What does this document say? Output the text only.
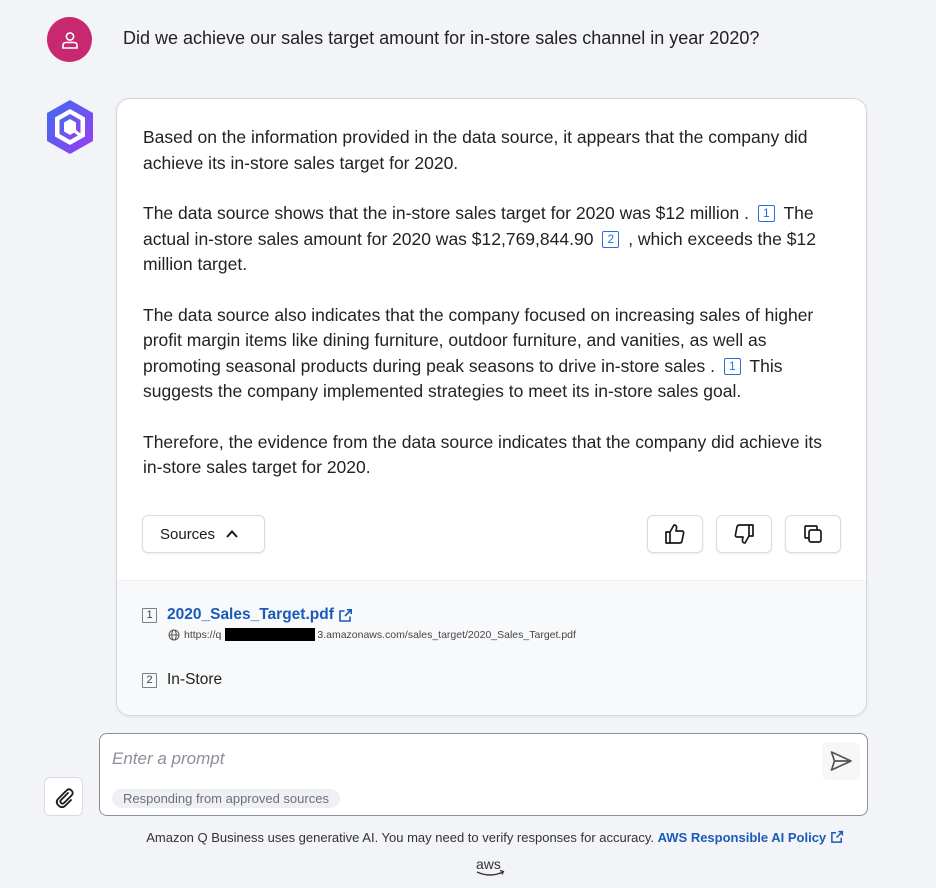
Did we achieve our sales target amount for in-store sales channel in year 2020?

Based on the information provided in the data source, it appears that the company did achieve its in-store sales target for 2020.

The data source shows that the in-store sales target for 2020 was $12 million . 1 The actual in-store sales amount for 2020 was $12,769,844.90 2 , which exceeds the $12 million target.

The data source also indicates that the company focused on increasing sales of higher profit margin items like dining furniture, outdoor furniture, and vanities, as well as promoting seasonal products during peak seasons to drive in-store sales . 1 This suggests the company implemented strategies to meet its in-store sales goal.

Therefore, the evidence from the data source indicates that the company did achieve its in-store sales target for 2020.

Sources
1 2020_Sales_Target.pdf
https://q	3.amazonaws.com/sales_target/2020_Sales_Target.pdf
2 In-Store
Enter a prompt
Responding from approved sources
Amazon Q Business uses generative AI. You may need to verify responses for accuracy. AWS Responsible AI Policy
aws
